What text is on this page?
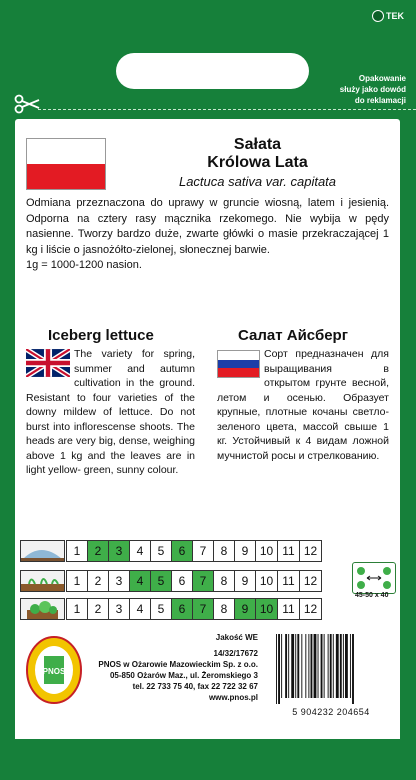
TEK
Opakowanie
służy jako dowód
do reklamacji
Sałata
Królowa Lata
Lactuca sativa var. capitata
Odmiana przeznaczona do uprawy w gruncie wiosną, latem i jesienią. Odporna na cztery rasy mącznika rzekomego. Nie wybija w pędy nasienne. Tworzy bardzo duże, zwarte główki o masie przekraczającej 1 kg i liście o jasnożółto-zielonej, słonecznej barwie.
1g = 1000-1200 nasion.
Iceberg lettuce	Салат Айсберг
The variety for spring, summer and autumn cultivation in the ground. Resistant to four varieties of the downy mildew of lettuce. Do not burst into inflorescense shoots. The heads are very big, dense, weighing above 1 kg and the leaves are in light yellow- green, sunny colour.
Сорт предназначен для выращивания в открытом грунте весной, летом и осенью. Образует крупные, плотные кочаны светло-зеленого цвета, массой свыше 1 кг. Устойчивый к 4 видам ложной мучнистой росы и стрелкованию.
1	2	3	4	5	6	7	8	9 10 11 12
1	2	3	4	5	6	7	8	9 10 11 12
1	2	3	4	5	6	7	8	9 10 11 12
45-50 x 40
PNOS
Jakość WE
14/32/17672
PNOS w Ożarowie Mazowieckim Sp. z o.o.
05-850 Ożarów Maz., ul. Żeromskiego 3
tel. 22 733 75 40, fax 22 722 32 67
www.pnos.pl
5 904232 204654
